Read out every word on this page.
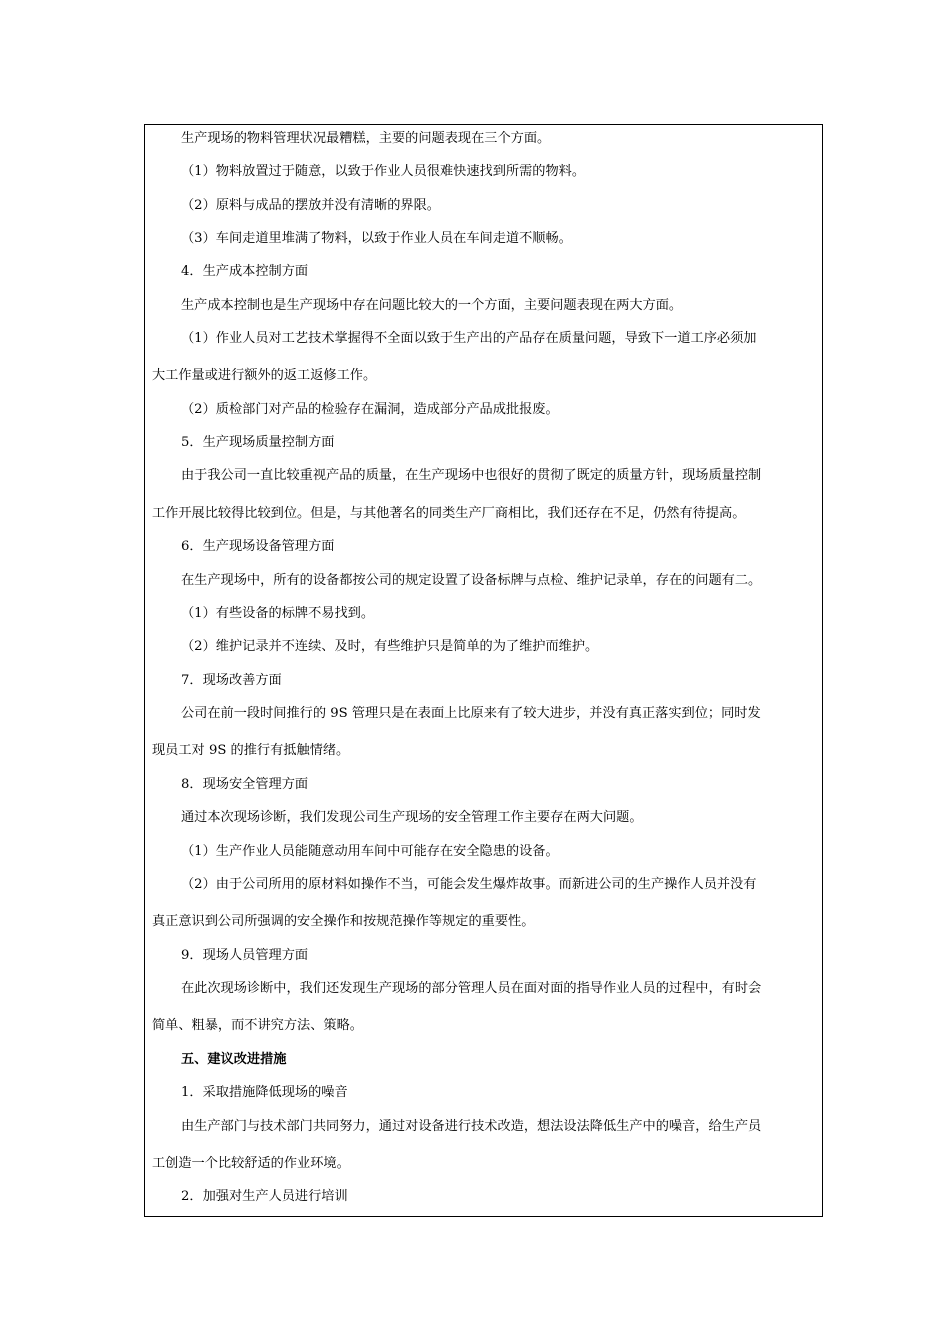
生产现场的物料管理状况最糟糕，主要的问题表现在三个方面。
（1）物料放置过于随意，以致于作业人员很难快速找到所需的物料。
（2）原料与成品的摆放并没有清晰的界限。
（3）车间走道里堆满了物料，以致于作业人员在车间走道不顺畅。
4．生产成本控制方面
生产成本控制也是生产现场中存在问题比较大的一个方面，主要问题表现在两大方面。
（1）作业人员对工艺技术掌握得不全面以致于生产出的产品存在质量问题，导致下一道工序必须加
大工作量或进行额外的返工返修工作。
（2）质检部门对产品的检验存在漏洞，造成部分产品成批报废。
5．生产现场质量控制方面
由于我公司一直比较重视产品的质量，在生产现场中也很好的贯彻了既定的质量方针，现场质量控制
工作开展比较得比较到位。但是，与其他著名的同类生产厂商相比，我们还存在不足，仍然有待提高。
6．生产现场设备管理方面
在生产现场中，所有的设备都按公司的规定设置了设备标牌与点检、维护记录单，存在的问题有二。
（1）有些设备的标牌不易找到。
（2）维护记录并不连续、及时，有些维护只是简单的为了维护而维护。
7．现场改善方面
公司在前一段时间推行的 9S 管理只是在表面上比原来有了较大进步，并没有真正落实到位；同时发
现员工对 9S 的推行有抵触情绪。
8．现场安全管理方面
通过本次现场诊断，我们发现公司生产现场的安全管理工作主要存在两大问题。
（1）生产作业人员能随意动用车间中可能存在安全隐患的设备。
（2）由于公司所用的原材料如操作不当，可能会发生爆炸故事。而新进公司的生产操作人员并没有
真正意识到公司所强调的安全操作和按规范操作等规定的重要性。
9．现场人员管理方面
在此次现场诊断中，我们还发现生产现场的部分管理人员在面对面的指导作业人员的过程中，有时会
简单、粗暴，而不讲究方法、策略。
五、建议改进措施
1．采取措施降低现场的噪音
由生产部门与技术部门共同努力，通过对设备进行技术改造，想法设法降低生产中的噪音，给生产员
工创造一个比较舒适的作业环境。
2．加强对生产人员进行培训
